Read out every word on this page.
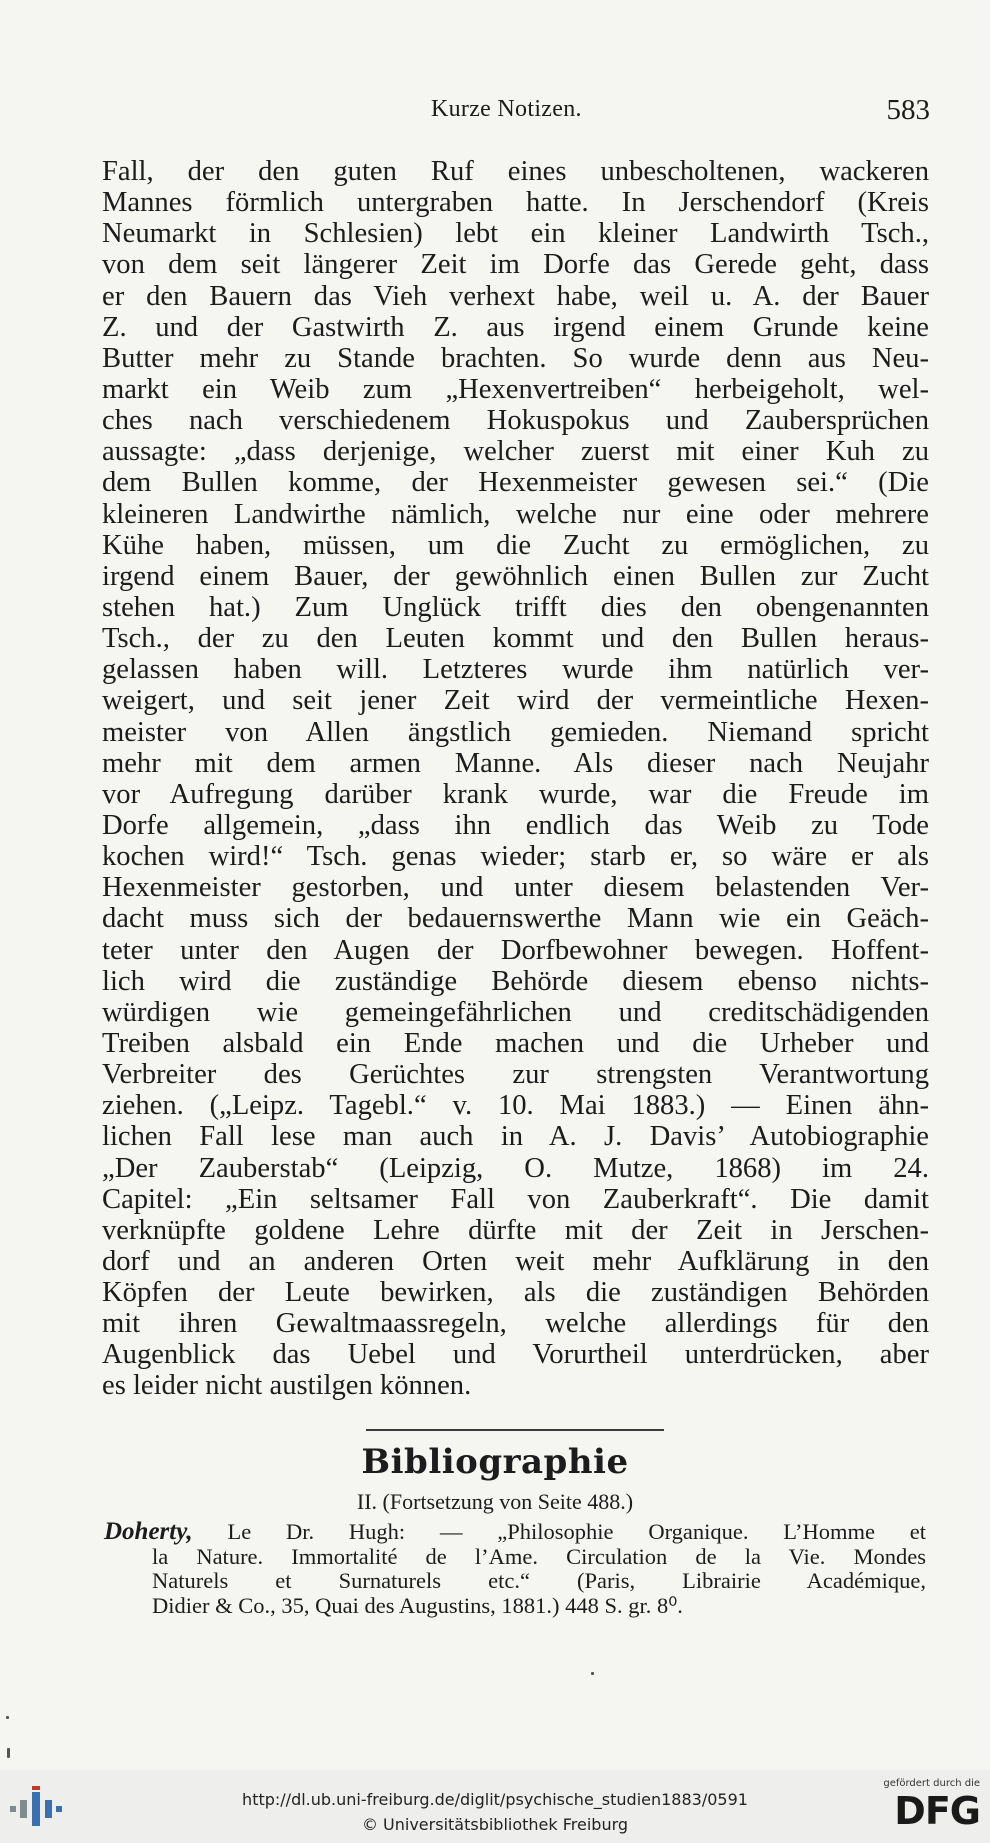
Kurze Notizen.	583
Fall, der den guten Ruf eines unbescholtenen, wackeren
Mannes förmlich untergraben hatte. In Jerschendorf (Kreis
Neumarkt in Schlesien) lebt ein kleiner Landwirth Tsch.,
von dem seit längerer Zeit im Dorfe das Gerede geht, dass
er den Bauern das Vieh verhext habe, weil u. A. der Bauer
Z. und der Gastwirth Z. aus irgend einem Grunde keine
Butter mehr zu Stande brachten. So wurde denn aus Neu-
markt ein Weib zum „Hexenvertreiben“ herbeigeholt, wel-
ches nach verschiedenem Hokuspokus und Zaubersprüchen
aussagte: „dass derjenige, welcher zuerst mit einer Kuh zu
dem Bullen komme, der Hexenmeister gewesen sei.“ (Die
kleineren Landwirthe nämlich, welche nur eine oder mehrere
Kühe haben, müssen, um die Zucht zu ermöglichen, zu
irgend einem Bauer, der gewöhnlich einen Bullen zur Zucht
stehen hat.) Zum Unglück trifft dies den obengenannten
Tsch., der zu den Leuten kommt und den Bullen heraus-
gelassen haben will. Letzteres wurde ihm natürlich ver-
weigert, und seit jener Zeit wird der vermeintliche Hexen-
meister von Allen ängstlich gemieden. Niemand spricht
mehr mit dem armen Manne. Als dieser nach Neujahr
vor Aufregung darüber krank wurde, war die Freude im
Dorfe allgemein, „dass ihn endlich das Weib zu Tode
kochen wird!“ Tsch. genas wieder; starb er, so wäre er als
Hexenmeister gestorben, und unter diesem belastenden Ver-
dacht muss sich der bedauernswerthe Mann wie ein Geäch-
teter unter den Augen der Dorfbewohner bewegen. Hoffent-
lich wird die zuständige Behörde diesem ebenso nichts-
würdigen wie gemeingefährlichen und creditschädigenden
Treiben alsbald ein Ende machen und die Urheber und
Verbreiter des Gerüchtes zur strengsten Verantwortung
ziehen. („Leipz. Tagebl.“ v. 10. Mai 1883.) — Einen ähn-
lichen Fall lese man auch in A. J. Davis’ Autobiographie
„Der Zauberstab“ (Leipzig, O. Mutze, 1868) im 24.
Capitel: „Ein seltsamer Fall von Zauberkraft“. Die damit
verknüpfte goldene Lehre dürfte mit der Zeit in Jerschen-
dorf und an anderen Orten weit mehr Aufklärung in den
Köpfen der Leute bewirken, als die zuständigen Behörden
mit ihren Gewaltmaassregeln, welche allerdings für den
Augenblick das Uebel und Vorurtheil unterdrücken, aber
es leider nicht austilgen können.
Bibliographie
II. (Fortsetzung von Seite 488.)
Doherty, Le Dr. Hugh: — „Philosophie Organique. L’Homme et
la Nature. Immortalité de l’Ame. Circulation de la Vie. Mondes
Naturels et Surnaturels etc.“ (Paris, Librairie Académique,
Didier & Co., 35, Quai des Augustins, 1881.) 448 S. gr. 8⁰.
http://dl.ub.uni-freiburg.de/diglit/psychische_studien1883/0591
© Universitätsbibliothek Freiburg
gefördert durch die
DFG
